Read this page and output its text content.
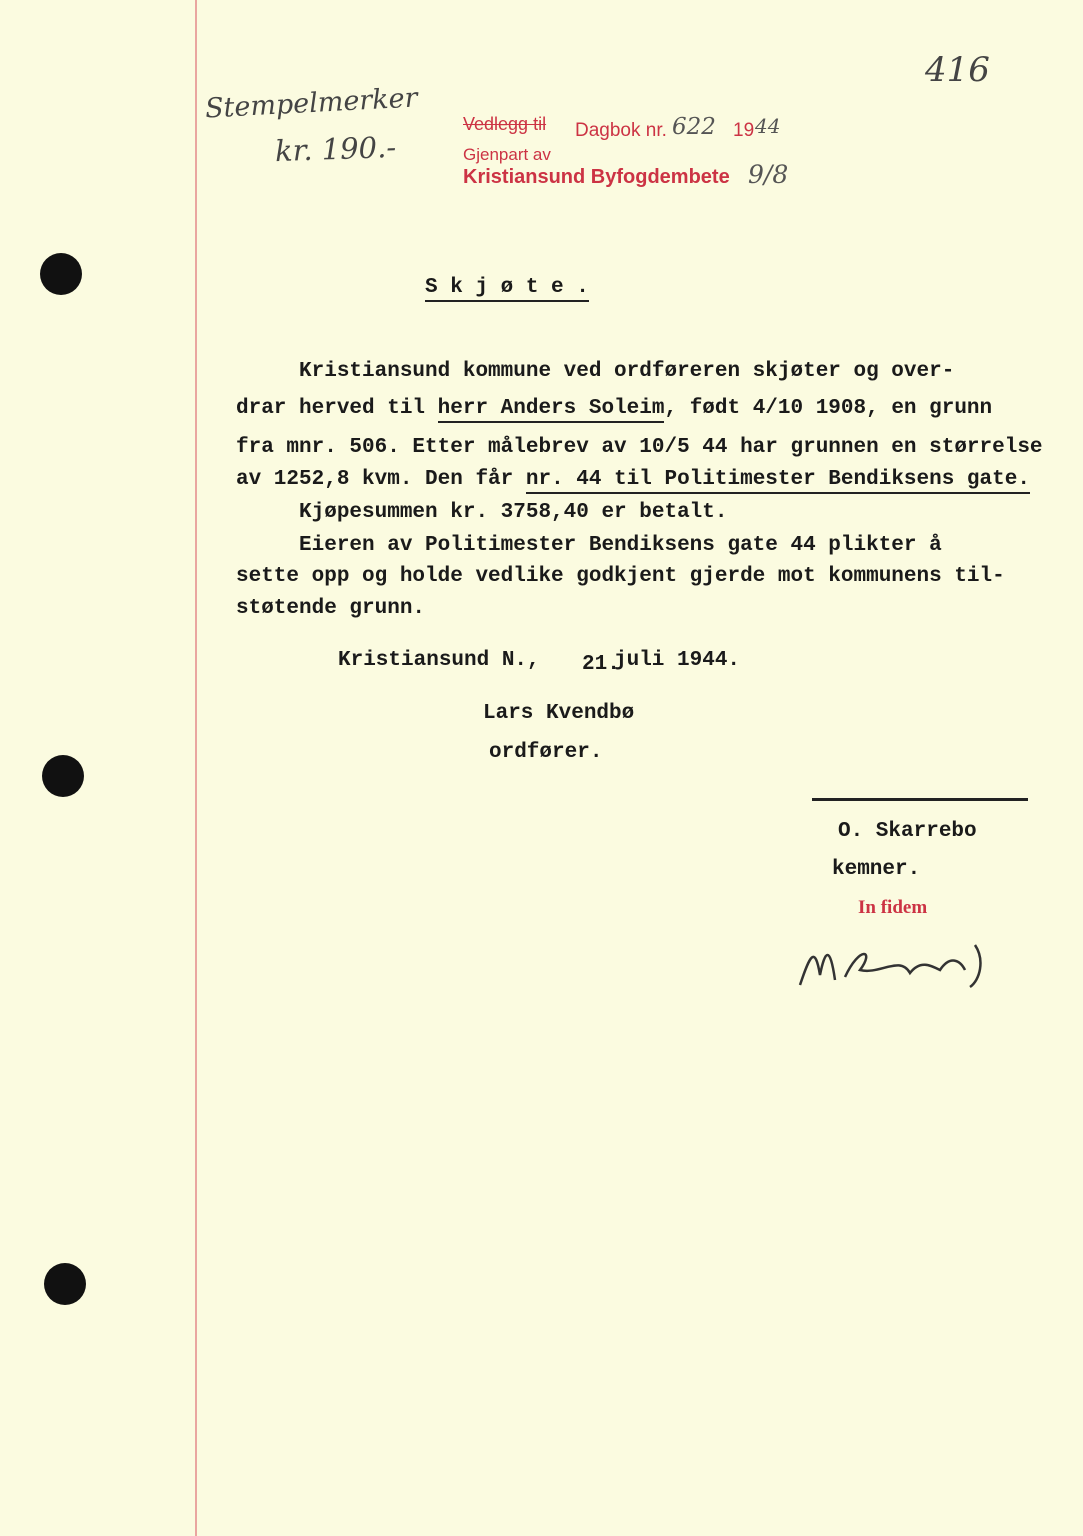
416
Stempelmerker
kr. 190.-
Vedlegg til Dagbok nr. 622 19 44
Gjenpart av
Kristiansund Byfogdembete 9/8
S k j ø t e .
Kristiansund kommune ved ordføreren skjøter og over-
drar herved til herr Anders Soleim, født 4/10 1908, en grunn
fra mnr. 506. Etter målebrev av 10/5 44 har grunnen en størrelse
av 1252,8 kvm. Den får nr. 44 til Politimester Bendiksens gate.
Kjøpesummen kr. 3758,40 er betalt.
Eieren av Politimester Bendiksens gate 44 plikter å
sette opp og holde vedlike godkjent gjerde mot kommunens til-
støtende grunn.
Kristiansund N., 21.
juli 1944.
Lars Kvendbø
ordfører.
O. Skarrebo
kemner.
In fidem
